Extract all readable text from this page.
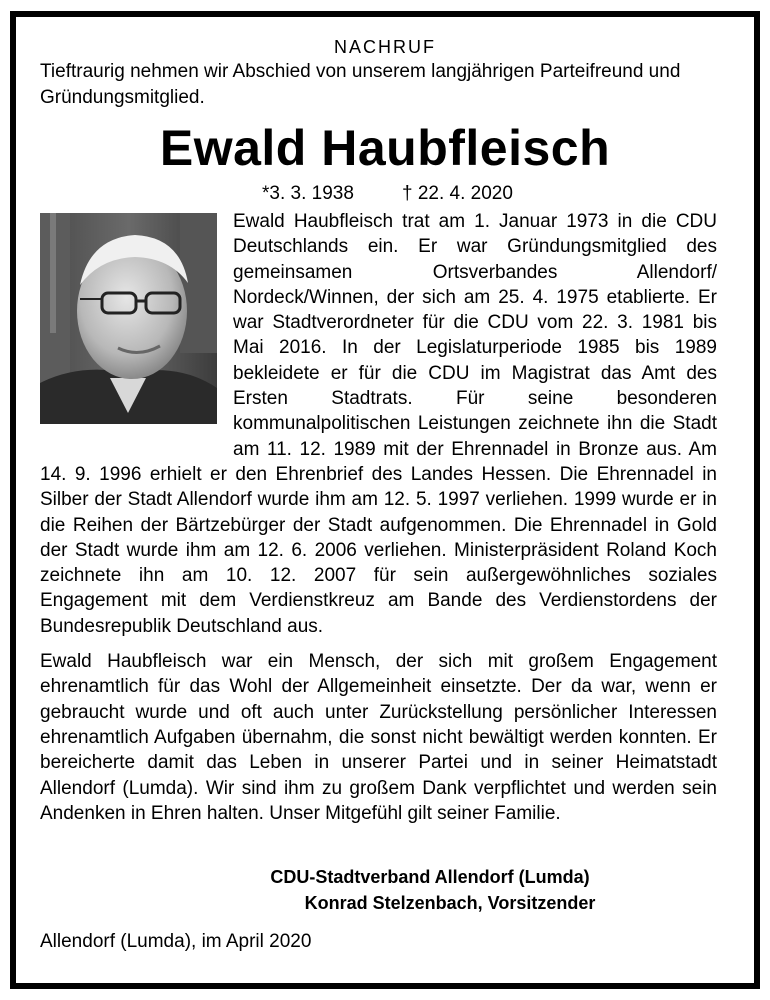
NACHRUF
Tieftraurig nehmen wir Abschied von unserem langjährigen Parteifreund und Gründungsmitglied.
Ewald Haubfleisch
*3. 3. 1938	† 22. 4. 2020

Ewald Haubfleisch trat am 1. Januar 1973 in die CDU Deutschlands ein. Er war Gründungsmitglied des gemeinsamen Ortsverbandes Allendorf/ Nordeck/Winnen, der sich am 25. 4. 1975 etablierte. Er war Stadtverordneter für die CDU vom 22. 3. 1981 bis Mai 2016. In der Legislaturperiode 1985 bis 1989 bekleidete er für die CDU im Magistrat das Amt des Ersten Stadtrats. Für seine besonderen kommunalpolitischen Leistungen zeichnete ihn die Stadt am 11. 12. 1989 mit der Ehrennadel in Bronze aus. Am 14. 9. 1996 erhielt er den Ehrenbrief des Landes Hessen. Die Ehrennadel in Silber der Stadt Allendorf wurde ihm am 12. 5. 1997 verliehen. 1999 wurde er in die Reihen der Bärtzebürger der Stadt aufgenommen. Die Ehrennadel in Gold der Stadt wurde ihm am 12. 6. 2006 verliehen. Ministerpräsident Roland Koch zeichnete ihn am 10. 12. 2007 für sein außergewöhnliches soziales Engagement mit dem Verdienstkreuz am Bande des Verdienstordens der Bundesrepublik Deutschland aus.

Ewald Haubfleisch war ein Mensch, der sich mit großem Engagement ehrenamtlich für das Wohl der Allgemeinheit einsetzte. Der da war, wenn er gebraucht wurde und oft auch unter Zurückstellung persönlicher Interessen ehrenamtlich Aufgaben übernahm, die sonst nicht bewältigt werden konnten. Er bereicherte damit das Leben in unserer Partei und in seiner Heimatstadt Allendorf (Lumda). Wir sind ihm zu großem Dank verpflichtet und werden sein Andenken in Ehren halten. Unser Mitgefühl gilt seiner Familie.

CDU-Stadtverband Allendorf (Lumda)
Konrad Stelzenbach, Vorsitzender
Allendorf (Lumda), im April 2020
